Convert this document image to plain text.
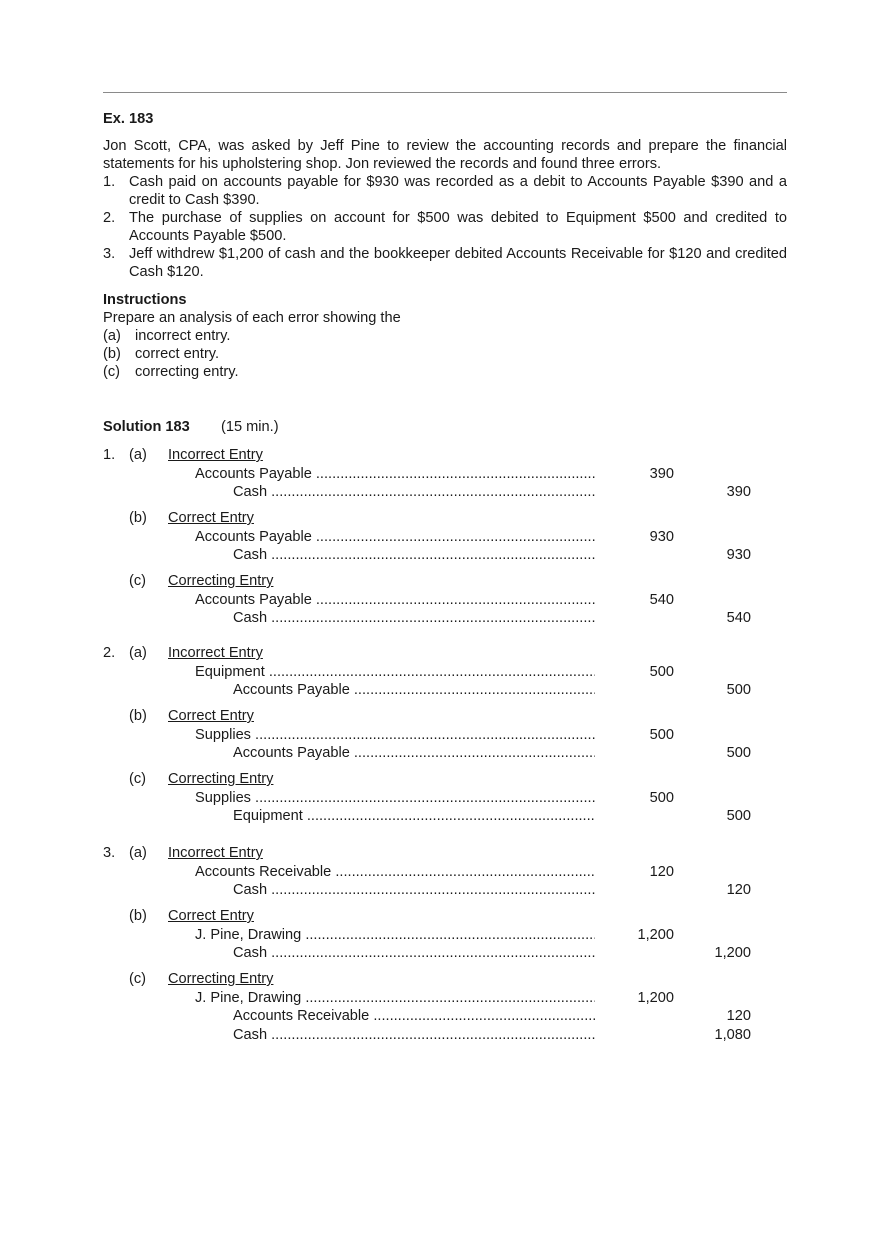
Ex. 183
Jon Scott, CPA, was asked by Jeff Pine to review the accounting records and prepare the financial statements for his upholstering shop. Jon reviewed the records and found three errors.
1. Cash paid on accounts payable for $930 was recorded as a debit to Accounts Payable $390 and a credit to Cash $390.
2. The purchase of supplies on account for $500 was debited to Equipment $500 and credited to Accounts Payable $500.
3. Jeff withdrew $1,200 of cash and the bookkeeper debited Accounts Receivable for $120 and credited Cash $120.
Instructions
Prepare an analysis of each error showing the
(a) incorrect entry.
(b) correct entry.
(c) correcting entry.
Solution 183 (15 min.)
1. (a) Incorrect Entry
Accounts Payable .....	390
Cash .....	390
(b) Correct Entry
Accounts Payable .....	930
Cash .....	930
(c) Correcting Entry
Accounts Payable .....	540
Cash .....	540
2. (a) Incorrect Entry
Equipment .....	500
Accounts Payable .....	500
(b) Correct Entry
Supplies .....	500
Accounts Payable .....	500
(c) Correcting Entry
Supplies .....	500
Equipment .....	500
3. (a) Incorrect Entry
Accounts Receivable .....	120
Cash .....	120
(b) Correct Entry
J. Pine, Drawing .....	1,200
Cash .....	1,200
(c) Correcting Entry
J. Pine, Drawing .....	1,200
Accounts Receivable .....	120
Cash .....	1,080
